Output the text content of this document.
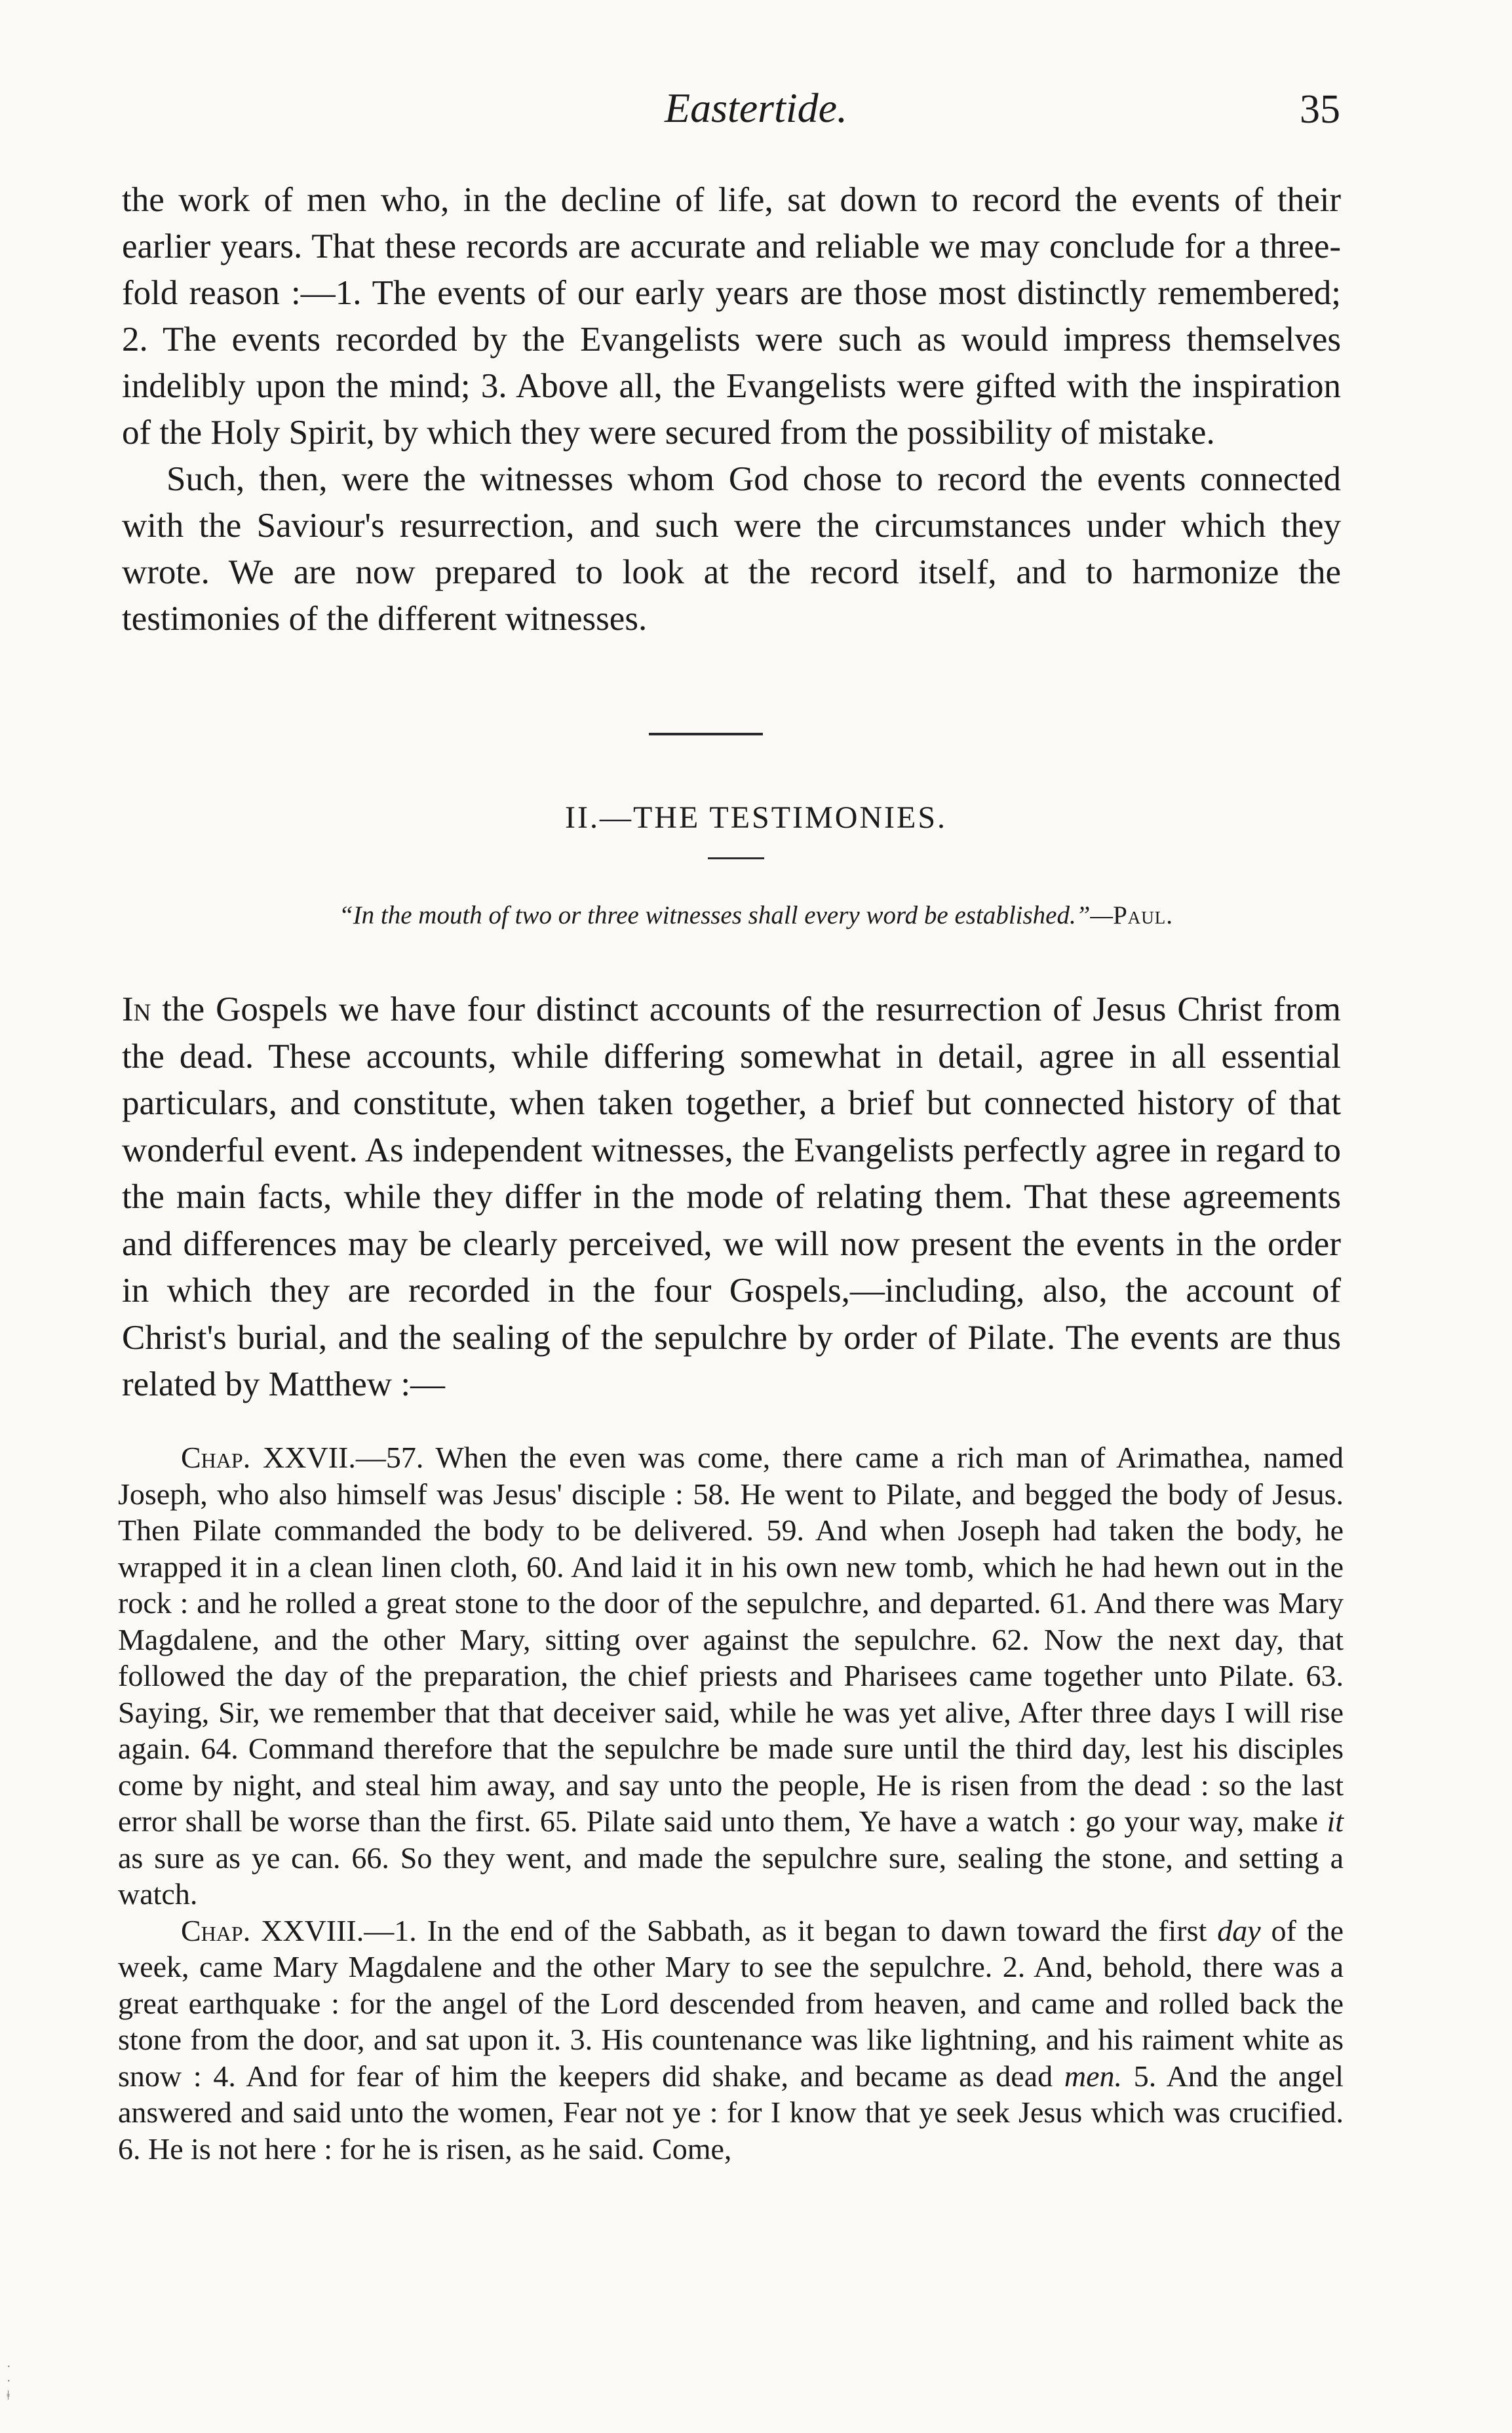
Eastertide.	35

the work of men who, in the decline of life, sat down to record the events of their earlier years. That these records are accurate and reliable we may conclude for a three-fold reason :—1. The events of our early years are those most distinctly remembered; 2. The events recorded by the Evangelists were such as would impress themselves indelibly upon the mind; 3. Above all, the Evangelists were gifted with the inspiration of the Holy Spirit, by which they were secured from the possibility of mistake.

Such, then, were the witnesses whom God chose to record the events connected with the Saviour's resurrection, and such were the circumstances under which they wrote. We are now prepared to look at the record itself, and to harmonize the testimonies of the different witnesses.

II.—THE TESTIMONIES.
“In the mouth of two or three witnesses shall every word be established.”—Paul.

In the Gospels we have four distinct accounts of the resurrection of Jesus Christ from the dead. These accounts, while differing somewhat in detail, agree in all essential particulars, and constitute, when taken together, a brief but connected history of that wonderful event. As independent witnesses, the Evangelists perfectly agree in regard to the main facts, while they differ in the mode of relating them. That these agreements and differences may be clearly perceived, we will now present the events in the order in which they are recorded in the four Gospels,—including, also, the account of Christ's burial, and the sealing of the sepulchre by order of Pilate. The events are thus related by Matthew :—

Chap. XXVII.—57. When the even was come, there came a rich man of Arimathea, named Joseph, who also himself was Jesus' disciple : 58. He went to Pilate, and begged the body of Jesus. Then Pilate commanded the body to be delivered. 59. And when Joseph had taken the body, he wrapped it in a clean linen cloth, 60. And laid it in his own new tomb, which he had hewn out in the rock : and he rolled a great stone to the door of the sepulchre, and departed. 61. And there was Mary Magdalene, and the other Mary, sitting over against the sepulchre. 62. Now the next day, that followed the day of the preparation, the chief priests and Pharisees came together unto Pilate. 63. Saying, Sir, we remember that that deceiver said, while he was yet alive, After three days I will rise again. 64. Command therefore that the sepulchre be made sure until the third day, lest his disciples come by night, and steal him away, and say unto the people, He is risen from the dead : so the last error shall be worse than the first. 65. Pilate said unto them, Ye have a watch : go your way, make it as sure as ye can. 66. So they went, and made the sepulchre sure, sealing the stone, and setting a watch.

Chap. XXVIII.—1. In the end of the Sabbath, as it began to dawn toward the first day of the week, came Mary Magdalene and the other Mary to see the sepulchre. 2. And, behold, there was a great earthquake : for the angel of the Lord descended from heaven, and came and rolled back the stone from the door, and sat upon it. 3. His countenance was like lightning, and his raiment white as snow : 4. And for fear of him the keepers did shake, and became as dead men. 5. And the angel answered and said unto the women, Fear not ye : for I know that ye seek Jesus which was crucified. 6. He is not here : for he is risen, as he said. Come,

·
·
ǂ
